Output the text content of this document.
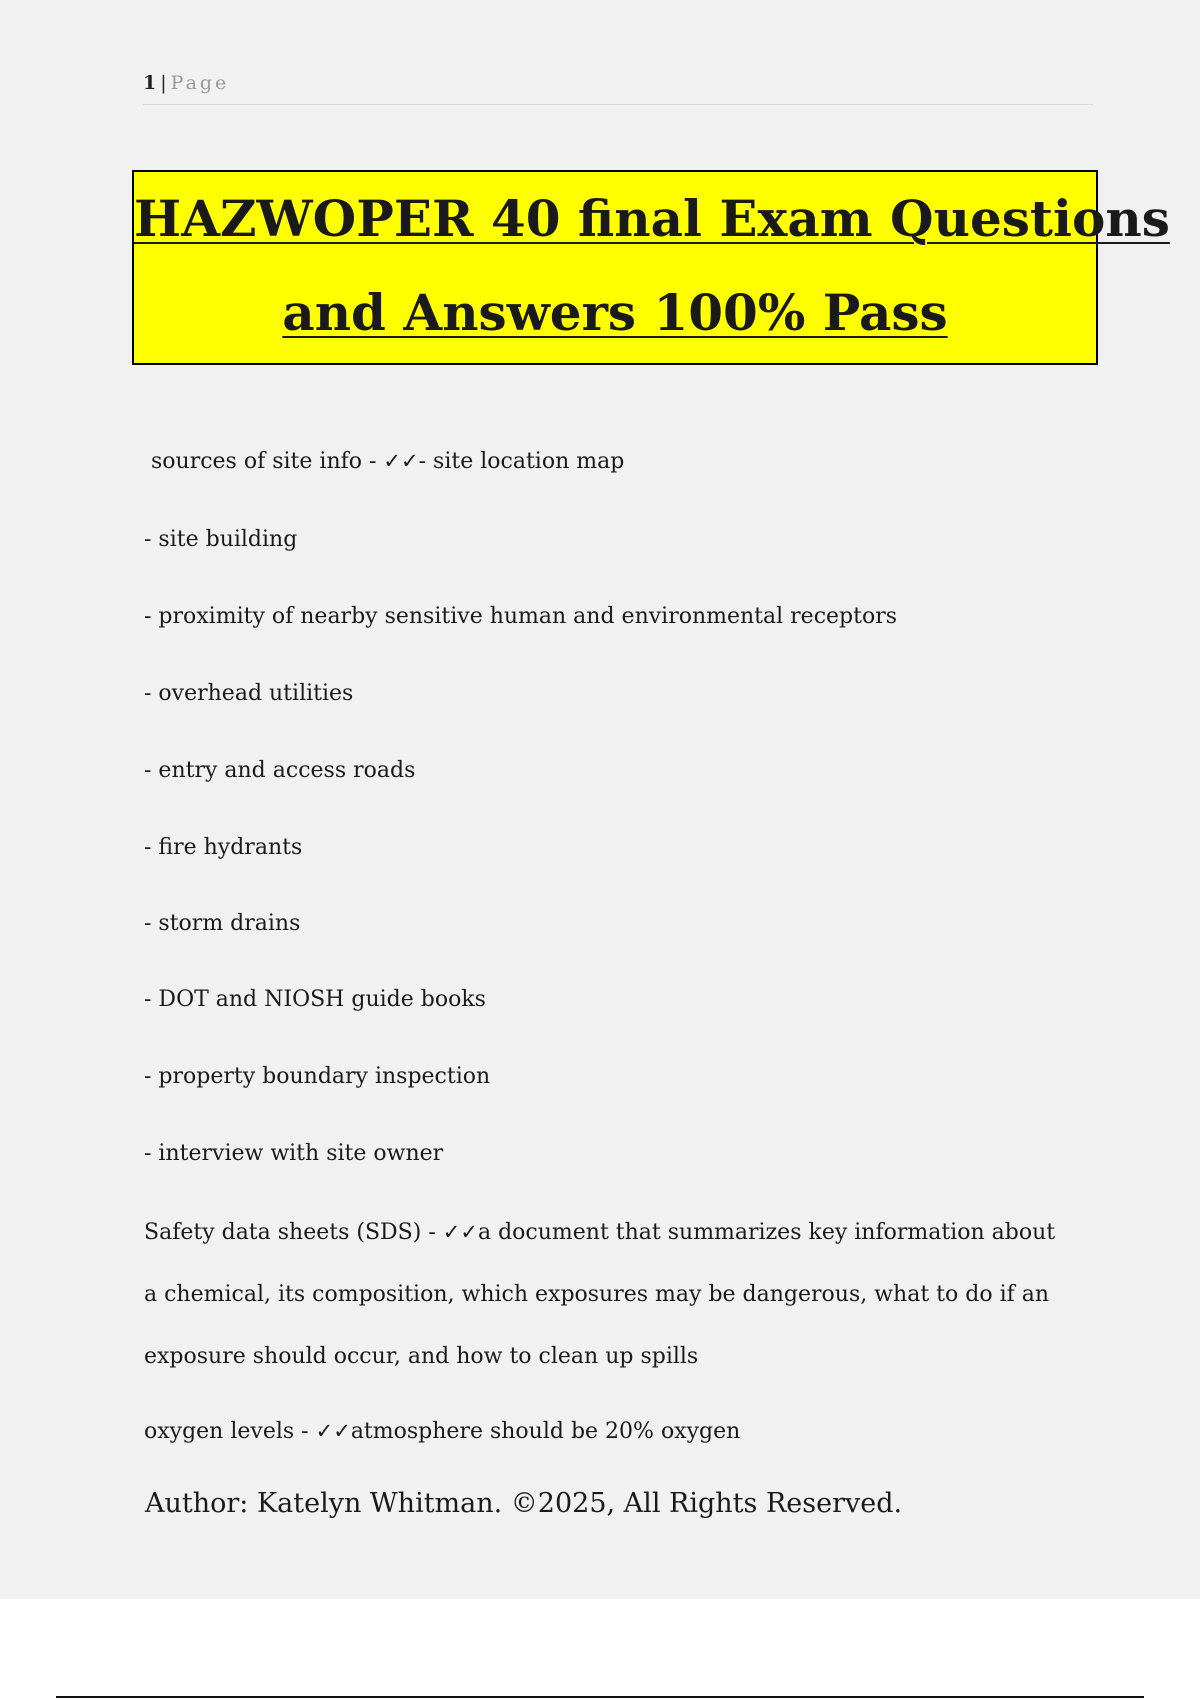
1 | Page
HAZWOPER 40 final Exam Questions
and Answers 100% Pass
sources of site info - ✓✓- site location map
- site building
- proximity of nearby sensitive human and environmental receptors
- overhead utilities
- entry and access roads
- fire hydrants
- storm drains
- DOT and NIOSH guide books
- property boundary inspection
- interview with site owner
Safety data sheets (SDS) - ✓✓a document that summarizes key information about a chemical, its composition, which exposures may be dangerous, what to do if an exposure should occur, and how to clean up spills
oxygen levels - ✓✓atmosphere should be 20% oxygen
Author: Katelyn Whitman. ©2025, All Rights Reserved.
